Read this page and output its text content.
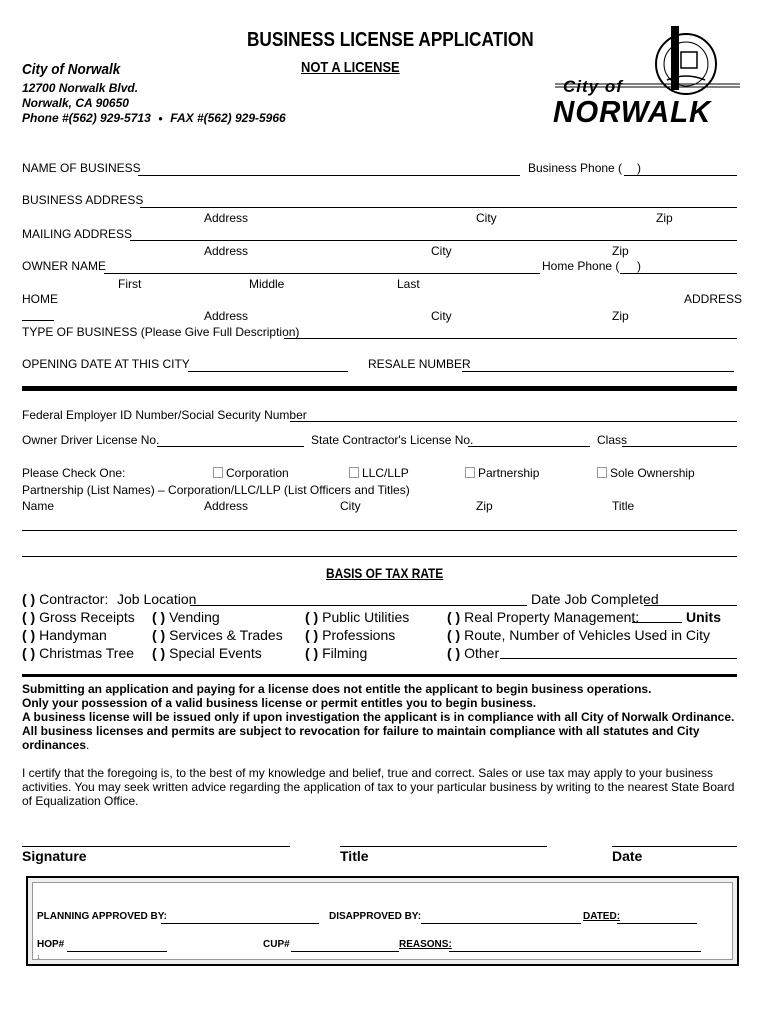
BUSINESS LICENSE APPLICATION
NOT A LICENSE
City of Norwalk
12700 Norwalk Blvd.
Norwalk, CA 90650
Phone #(562) 929-5713 ● FAX #(562) 929-5966
City of
NORWALK
NAME OF BUSINESS	Business Phone ( )
BUSINESS ADDRESS
Address	City	Zip
MAILING ADDRESS
Address	City	Zip
OWNER NAME	Home Phone ( )
First	Middle	Last
HOME	ADDRESS
Address	City	Zip
TYPE OF BUSINESS (Please Give Full Description)
OPENING DATE AT THIS CITY	RESALE NUMBER
Federal Employer ID Number/Social Security Number
Owner Driver License No.	State Contractor's License No.	Class
Please Check One:	Corporation	LLC/LLP	Partnership	Sole Ownership
Partnership (List Names) – Corporation/LLC/LLP (List Officers and Titles)
Name	Address	City	Zip	Title
BASIS OF TAX RATE
( ) Contractor: Job Location	Date Job Completed
( ) Gross Receipts ( ) Vending	( ) Public Utilities	( ) Real Property Management:	Units
( ) Handyman	( ) Services & Trades ( ) Professions	( ) Route, Number of Vehicles Used in City
( ) Christmas Tree ( ) Special Events	( ) Filming	( ) Other
Submitting an application and paying for a license does not entitle the applicant to begin business operations.
Only your possession of a valid business license or permit entitles you to begin business.
A business license will be issued only if upon investigation the applicant is in compliance with all City of Norwalk Ordinance.
All business licenses and permits are subject to revocation for failure to maintain compliance with all statutes and City
ordinances.
I certify that the foregoing is, to the best of my knowledge and belief, true and correct. Sales or use tax may apply to your business
activities. You may seek written advice regarding the application of tax to your particular business by writing to the nearest State Board
of Equalization Office.
Signature	Title	Date
PLANNING APPROVED BY:	DISAPPROVED BY:	DATED:
HOP#	CUP#	REASONS:
1
